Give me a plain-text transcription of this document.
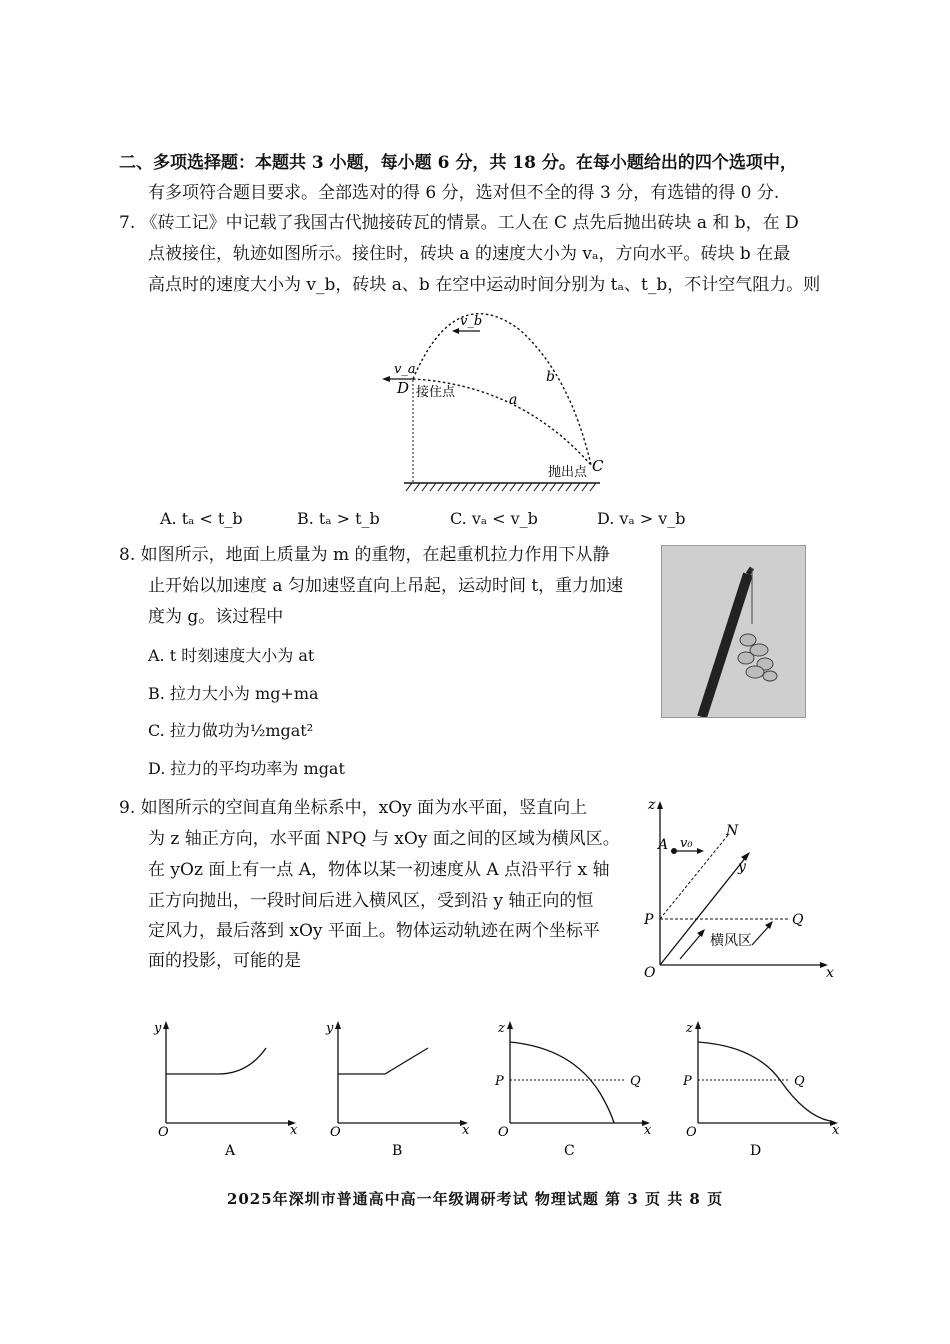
二、多项选择题：本题共 3 小题，每小题 6 分，共 18 分。在每小题给出的四个选项中，
有多项符合题目要求。全部选对的得 6 分，选对但不全的得 3 分，有选错的得 0 分.
7. 《砖工记》中记载了我国古代抛接砖瓦的情景。工人在 C 点先后抛出砖块 a 和 b，在 D
点被接住，轨迹如图所示。接住时，砖块 a 的速度大小为 vₐ，方向水平。砖块 b 在最
高点时的速度大小为 v_b，砖块 a、b 在空中运动时间分别为 tₐ、t_b，不计空气阻力。则
v_b
v_a
D 接住点	a
b
抛出点 C
A. tₐ < t_b	B. tₐ > t_b	C. vₐ < v_b	D. vₐ > v_b
8. 如图所示，地面上质量为 m 的重物，在起重机拉力作用下从静
止开始以加速度 a 匀加速竖直向上吊起，运动时间 t，重力加速
度为 g。该过程中
A. t 时刻速度大小为 at
B. 拉力大小为 mg+ma
C. 拉力做功为½mgat²
D. 拉力的平均功率为 mgat
9. 如图所示的空间直角坐标系中，xOy 面为水平面，竖直向上
为 z 轴正方向，水平面 NPQ 与 xOy 面之间的区域为横风区。
在 yOz 面上有一点 A，物体以某一初速度从 A 点沿平行 x 轴
正方向抛出，一段时间后进入横风区，受到沿 y 轴正向的恒
定风力，最后落到 xOy 平面上。物体运动轨迹在两个坐标平
面的投影，可能的是
z
A v₀
N
y
P	Q
横风区
O	x
y
x
O
A
y
x
O
B
z
x
O
P	Q
C
z
x
O
P	Q
D
2025年深圳市普通高中高一年级调研考试 物理试题 第 3 页 共 8 页
